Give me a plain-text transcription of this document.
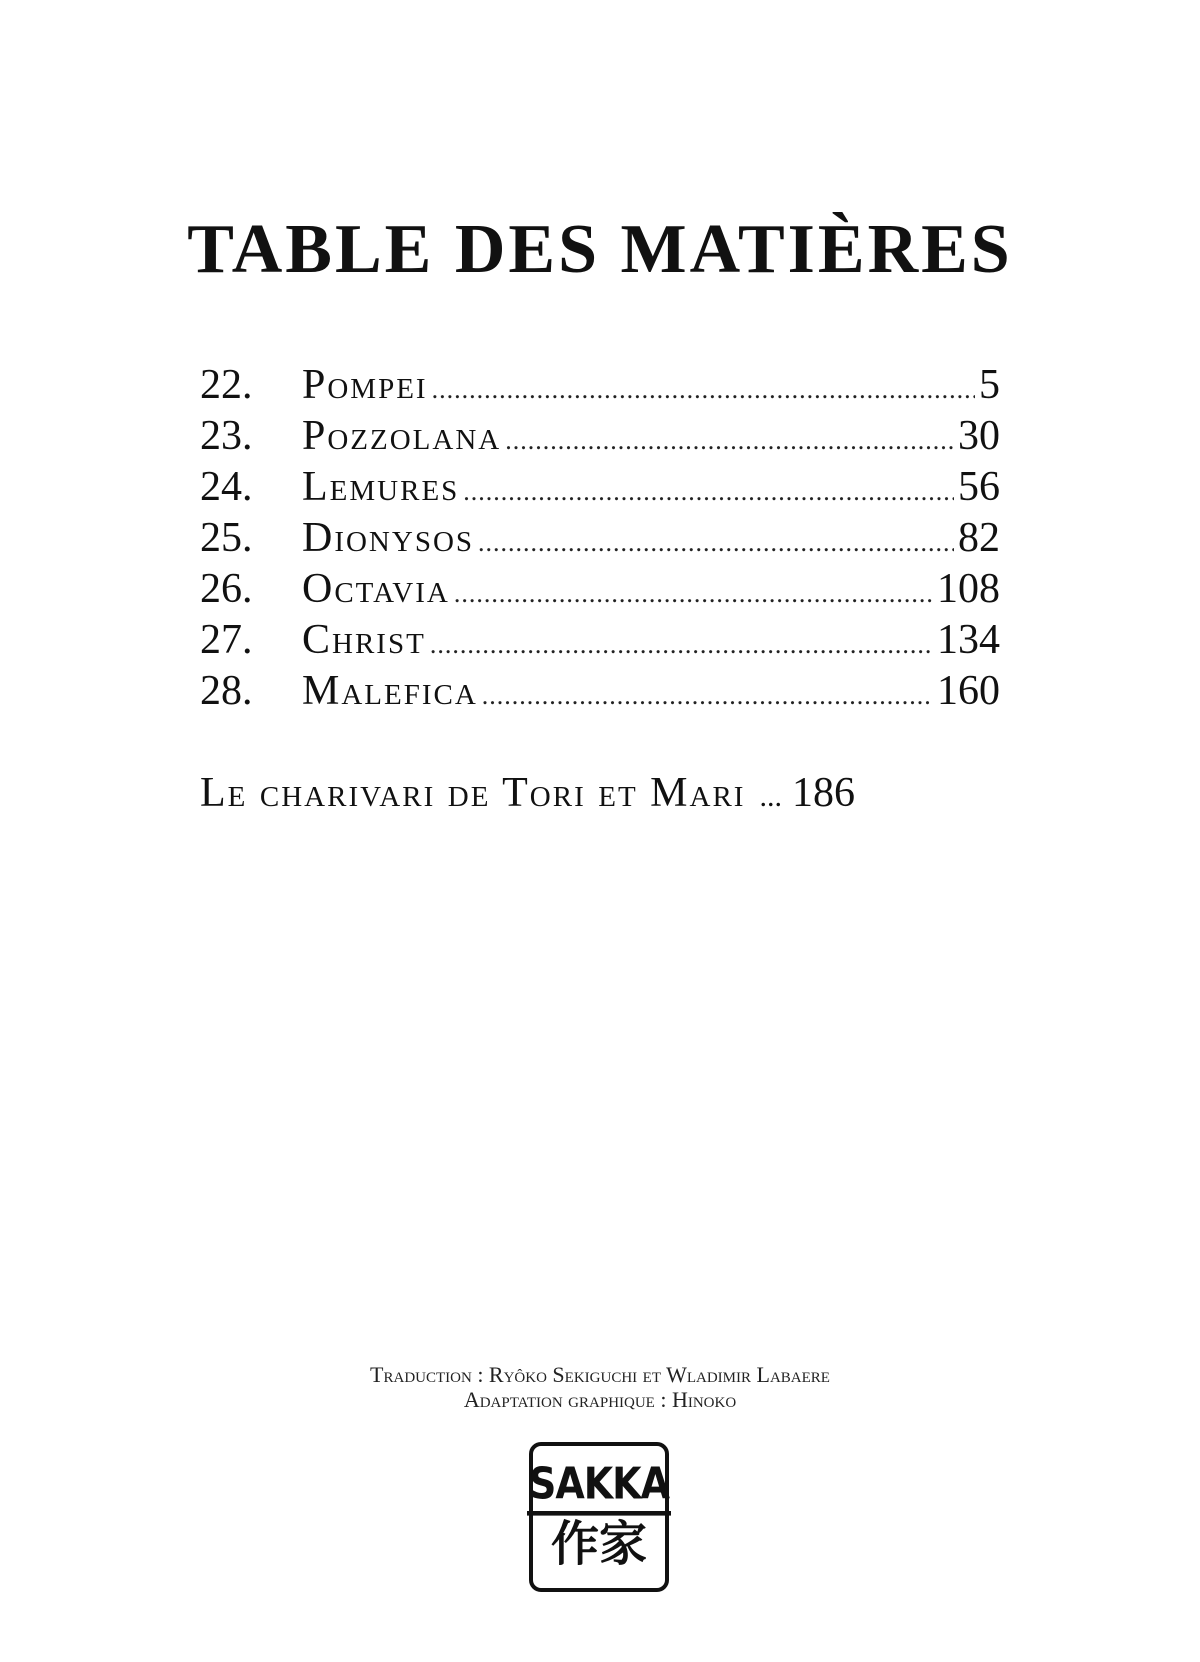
TABLE DES MATIÈRES
22.	Pompei .....	5
23.	Pozzolana .....	30
24.	Lemures .....	56
25.	Dionysos .....	82
26.	Octavia .....	108
27.	Christ .....	134
28.	Malefica .....	160
Le charivari de Tori et Mari ... 186
Traduction : Ryôko Sekiguchi et Wladimir Labaere
Adaptation graphique : Hinoko
SAKKA
作家
